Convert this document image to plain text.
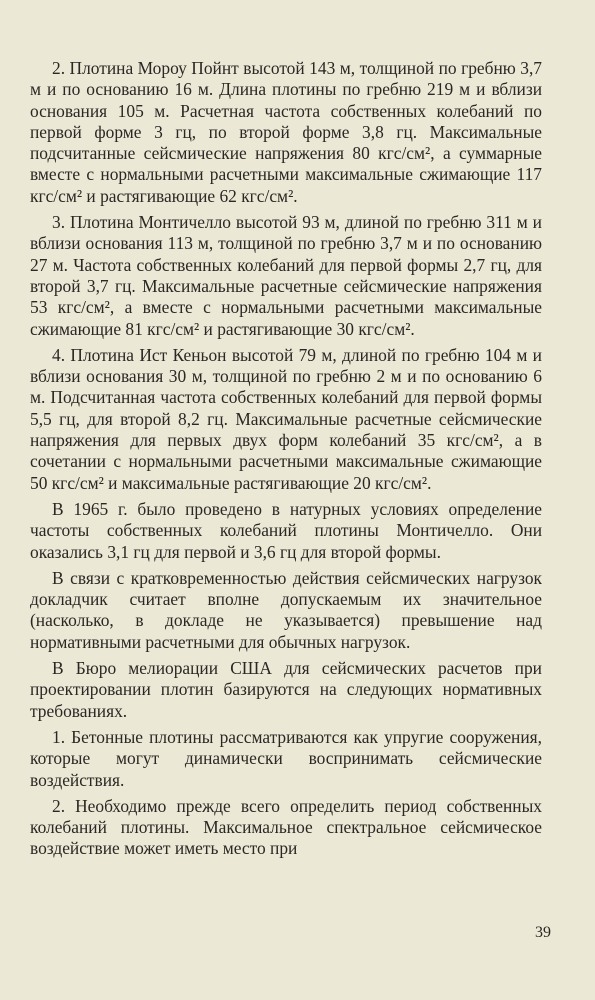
2. Плотина Мороу Пойнт высотой 143 м, толщиной по гребню 3,7 м и по основанию 16 м. Длина плотины по гребню 219 м и вблизи основания 105 м. Расчетная частота собственных колебаний по первой форме 3 гц, по второй форме 3,8 гц. Максимальные подсчитанные сейсмические напряжения 80 кгс/см², а суммарные вместе с нормальными расчетными максимальные сжимающие 117 кгс/см² и растягивающие 62 кгс/см².

3. Плотина Монтичелло высотой 93 м, длиной по гребню 311 м и вблизи основания 113 м, толщиной по гребню 3,7 м и по основанию 27 м. Частота собственных колебаний для первой формы 2,7 гц, для второй 3,7 гц. Максимальные расчетные сейсмические напряжения 53 кгс/см², а вместе с нормальными расчетными максимальные сжимающие 81 кгс/см² и растягивающие 30 кгс/см².

4. Плотина Ист Кеньон высотой 79 м, длиной по гребню 104 м и вблизи основания 30 м, толщиной по гребню 2 м и по основанию 6 м. Подсчитанная частота собственных колебаний для первой формы 5,5 гц, для второй 8,2 гц. Максимальные расчетные сейсмические напряжения для первых двух форм колебаний 35 кгс/см², а в сочетании с нормальными расчетными максимальные сжимающие 50 кгс/см² и максимальные растягивающие 20 кгс/см².

В 1965 г. было проведено в натурных условиях определение частоты собственных колебаний плотины Монтичелло. Они оказались 3,1 гц для первой и 3,6 гц для второй формы.

В связи с кратковременностью действия сейсмических нагрузок докладчик считает вполне допускаемым их значительное (насколько, в докладе не указывается) превышение над нормативными расчетными для обычных нагрузок.

В Бюро мелиорации США для сейсмических расчетов при проектировании плотин базируются на следующих нормативных требованиях.

1. Бетонные плотины рассматриваются как упругие сооружения, которые могут динамически воспринимать сейсмические воздействия.

2. Необходимо прежде всего определить период собственных колебаний плотины. Максимальное спектральное сейсмическое воздействие может иметь место при

39
